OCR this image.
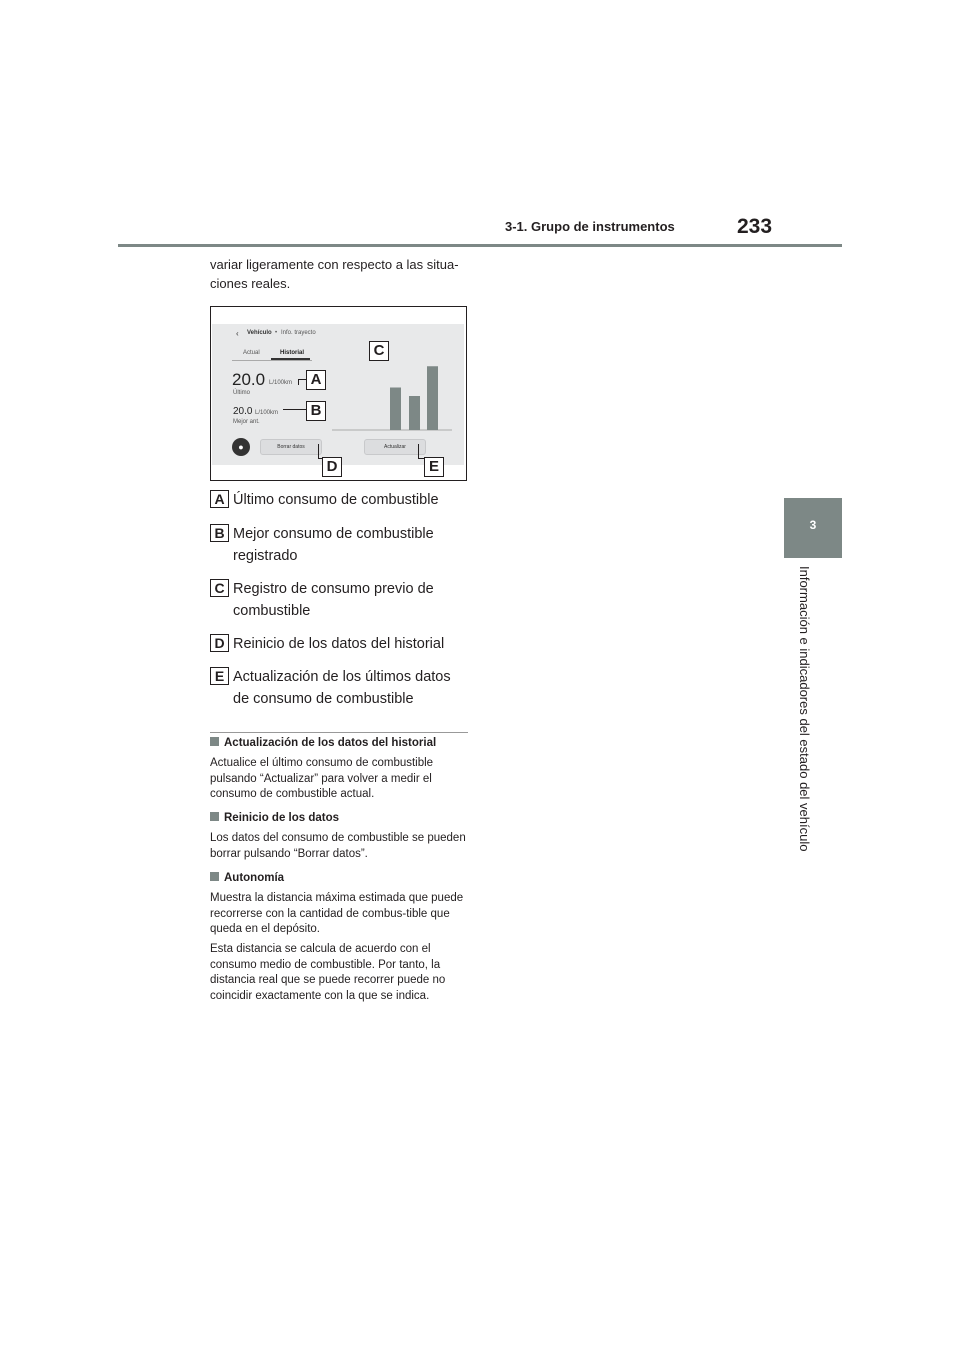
3-1. Grupo de instrumentos	233
3
Información e indicadores del estado del vehículo
variar ligeramente con respecto a las situa-
ciones reales.
‹ Vehículo • Info. trayecto
Actual	Historial
20.0 L/100km
Último
20.0 L/100km
Mejor ant.
●	Borrar datos	Actualizar
A
B
C
D	E
A Último consumo de combustible
B Mejor consumo de combustible
registrado
C Registro de consumo previo de
combustible
D Reinicio de los datos del historial
E Actualización de los últimos datos
de consumo de combustible
Actualización de los datos del historial
Actualice el último consumo de combustible pulsando “Actualizar” para volver a medir el consumo de combustible actual.
Reinicio de los datos
Los datos del consumo de combustible se pueden borrar pulsando “Borrar datos”.
Autonomía
Muestra la distancia máxima estimada que puede recorrerse con la cantidad de combus-tible que queda en el depósito.
Esta distancia se calcula de acuerdo con el consumo medio de combustible. Por tanto, la distancia real que se puede recorrer puede no coincidir exactamente con la que se indica.
